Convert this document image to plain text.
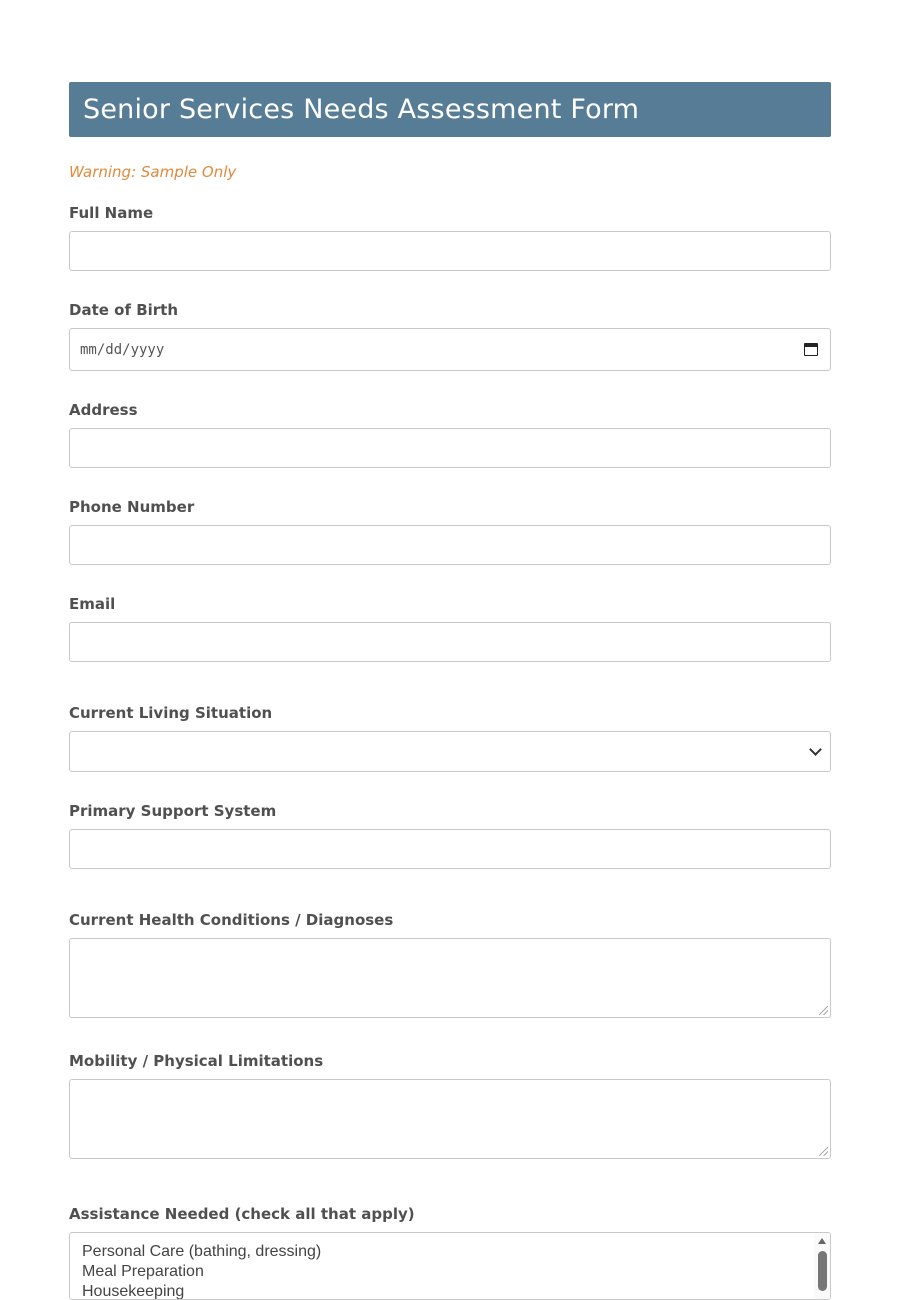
Senior Services Needs Assessment Form
Warning: Sample Only
Full Name
Date of Birth
mm/dd/yyyy
Address
Phone Number
Email
Current Living Situation
Primary Support System
Current Health Conditions / Diagnoses
Mobility / Physical Limitations
Assistance Needed (check all that apply)
Personal Care (bathing, dressing)
Meal Preparation
Housekeeping
